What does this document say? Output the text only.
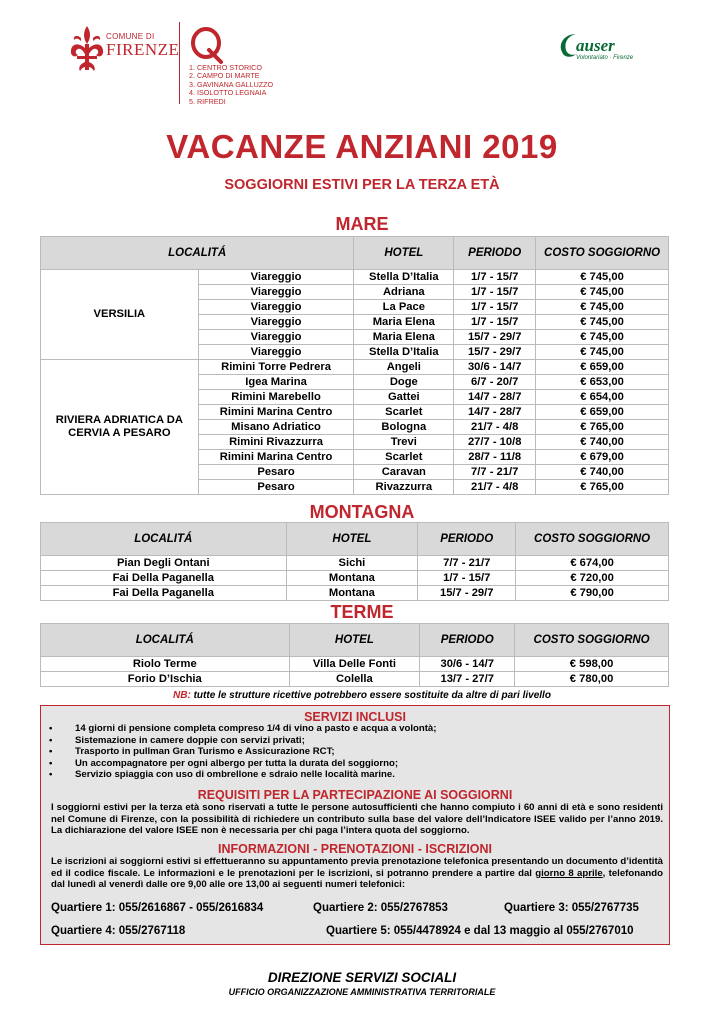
COMUNE DI
FIRENZE
1. CENTRO STORICO
2. CAMPO DI MARTE
3. GAVINANA GALLUZZO
4. ISOLOTTO LEGNAIA
5. RIFREDI
auser
Volontariato · Firenze
VACANZE ANZIANI 2019
SOGGIORNI ESTIVI PER LA TERZA ETÀ
MARE
LOCALITÁ		HOTEL	PERIODO	COSTO SOGGIORNO
VERSILIA	Viareggio	Stella D’Italia	1/7 - 15/7	€ 745,00
	Viareggio	Adriana	1/7 - 15/7	€ 745,00
	Viareggio	La Pace	1/7 - 15/7	€ 745,00
	Viareggio	Maria Elena	1/7 - 15/7	€ 745,00
	Viareggio	Maria Elena	15/7 - 29/7	€ 745,00
	Viareggio	Stella D’Italia	15/7 - 29/7	€ 745,00
RIVIERA ADRIATICA DA CERVIA A PESARO	Rimini Torre Pedrera	Angeli	30/6 - 14/7	€ 659,00
	Igea Marina	Doge	6/7 - 20/7	€ 653,00
	Rimini Marebello	Gattei	14/7 - 28/7	€ 654,00
	Rimini Marina Centro	Scarlet	14/7 - 28/7	€ 659,00
	Misano Adriatico	Bologna	21/7 - 4/8	€ 765,00
	Rimini Rivazzurra	Trevi	27/7 - 10/8	€ 740,00
	Rimini Marina Centro	Scarlet	28/7 - 11/8	€ 679,00
	Pesaro	Caravan	7/7 - 21/7	€ 740,00
	Pesaro	Rivazzurra	21/7 - 4/8	€ 765,00
MONTAGNA
LOCALITÁ	HOTEL	PERIODO	COSTO SOGGIORNO
Pian Degli Ontani	Sichi	7/7 - 21/7	€ 674,00
Fai Della Paganella	Montana	1/7 - 15/7	€ 720,00
Fai Della Paganella	Montana	15/7 - 29/7	€ 790,00
TERME
LOCALITÁ	HOTEL	PERIODO	COSTO SOGGIORNO
Riolo Terme	Villa Delle Fonti	30/6 - 14/7	€ 598,00
Forio D’Ischia	Colella	13/7 - 27/7	€ 780,00
NB: tutte le strutture ricettive potrebbero essere sostituite da altre di pari livello
SERVIZI INCLUSI
• 14 giorni di pensione completa compreso 1/4 di vino a pasto e acqua a volontà;
• Sistemazione in camere doppie con servizi privati;
• Trasporto in pullman Gran Turismo e Assicurazione RCT;
• Un accompagnatore per ogni albergo per tutta la durata del soggiorno;
• Servizio spiaggia con uso di ombrellone e sdraio nelle località marine.
REQUISITI PER LA PARTECIPAZIONE AI SOGGIORNI
I soggiorni estivi per la terza età sono riservati a tutte le persone autosufficienti che hanno compiuto i 60 anni di età e sono residenti nel Comune di Firenze, con la possibilità di richiedere un contributo sulla base del valore dell’Indicatore ISEE valido per l’anno 2019. La dichiarazione del valore ISEE non è necessaria per chi paga l’intera quota del soggiorno.
INFORMAZIONI - PRENOTAZIONI - ISCRIZIONI
Le iscrizioni ai soggiorni estivi si effettueranno su appuntamento previa prenotazione telefonica presentando un documento d’identità ed il codice fiscale. Le informazioni e le prenotazioni per le iscrizioni, si potranno prendere a partire dal giorno 8 aprile, telefonando dal lunedì al venerdì dalle ore 9,00 alle ore 13,00 ai seguenti numeri telefonici:
Quartiere 1: 055/2616867 - 055/2616834	Quartiere 2: 055/2767853	Quartiere 3: 055/2767735
Quartiere 4: 055/2767118	Quartiere 5: 055/4478924 e dal 13 maggio al 055/2767010
DIREZIONE SERVIZI SOCIALI
UFFICIO ORGANIZZAZIONE AMMINISTRATIVA TERRITORIALE
